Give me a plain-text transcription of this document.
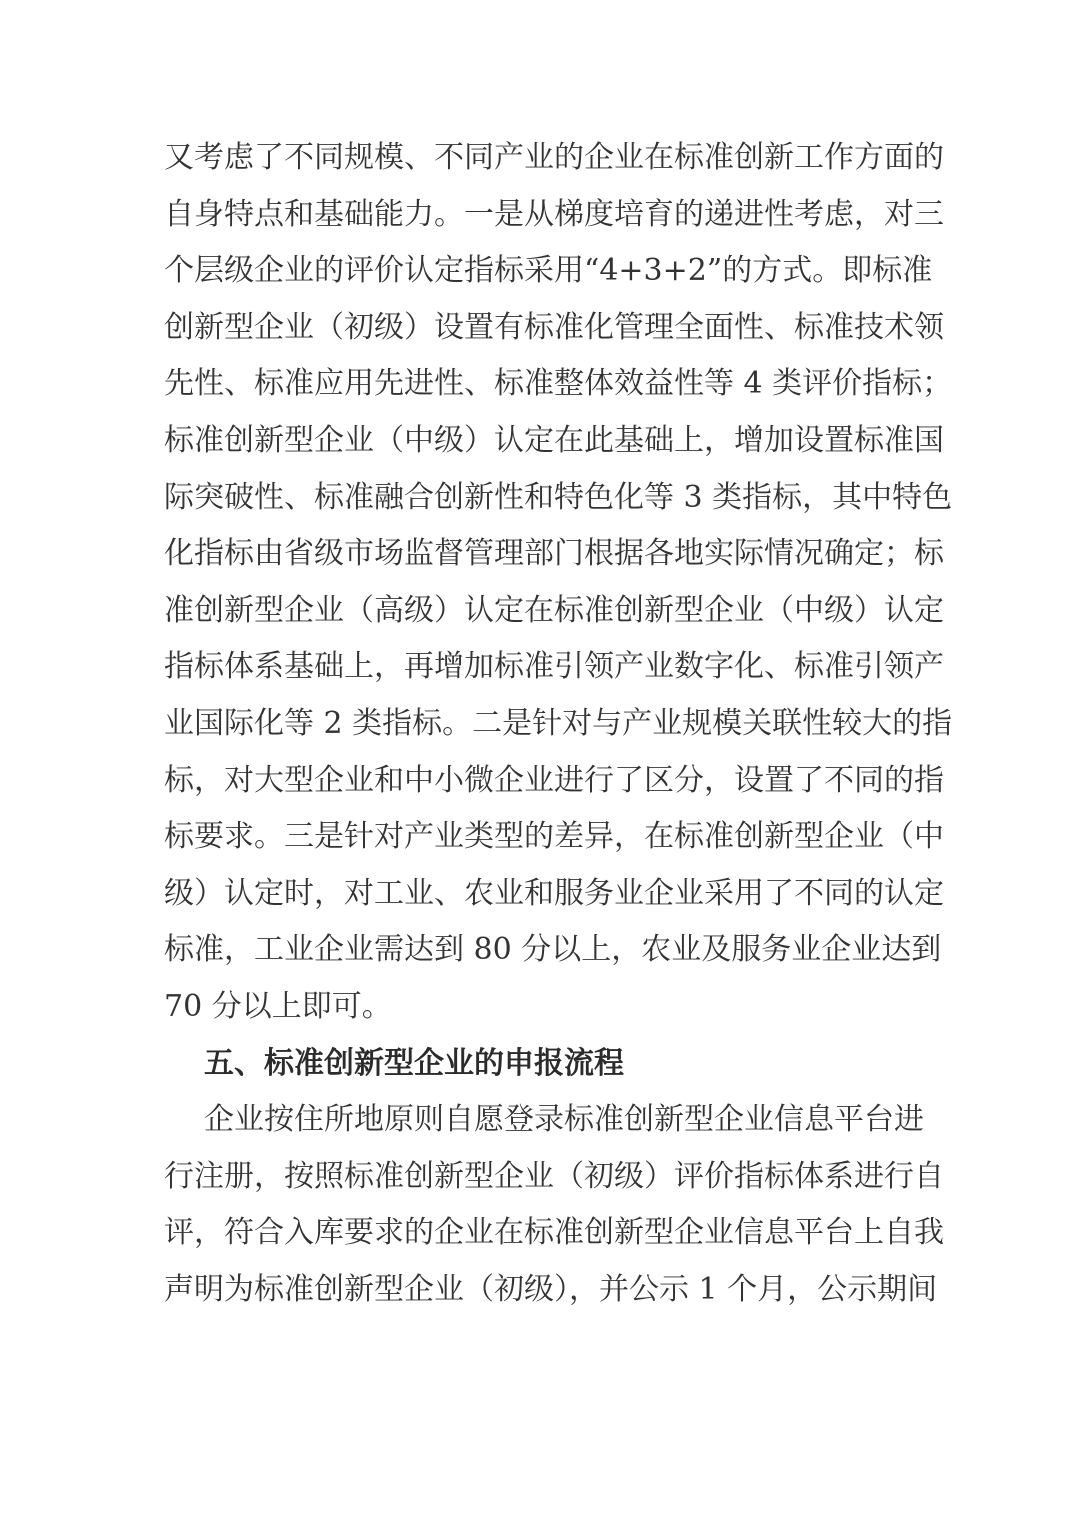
又考虑了不同规模、不同产业的企业在标准创新工作方面的
自身特点和基础能力。一是从梯度培育的递进性考虑，对三
个层级企业的评价认定指标采用“4+3+2”的方式。即标准
创新型企业（初级）设置有标准化管理全面性、标准技术领
先性、标准应用先进性、标准整体效益性等 4 类评价指标；
标准创新型企业（中级）认定在此基础上，增加设置标准国
际突破性、标准融合创新性和特色化等 3 类指标，其中特色
化指标由省级市场监督管理部门根据各地实际情况确定；标
准创新型企业（高级）认定在标准创新型企业（中级）认定
指标体系基础上，再增加标准引领产业数字化、标准引领产
业国际化等 2 类指标。二是针对与产业规模关联性较大的指
标，对大型企业和中小微企业进行了区分，设置了不同的指
标要求。三是针对产业类型的差异，在标准创新型企业（中
级）认定时，对工业、农业和服务业企业采用了不同的认定
标准，工业企业需达到 80 分以上，农业及服务业企业达到
70 分以上即可。
五、标准创新型企业的申报流程
企业按住所地原则自愿登录标准创新型企业信息平台进
行注册，按照标准创新型企业（初级）评价指标体系进行自
评，符合入库要求的企业在标准创新型企业信息平台上自我
声明为标准创新型企业（初级），并公示 1 个月，公示期间
